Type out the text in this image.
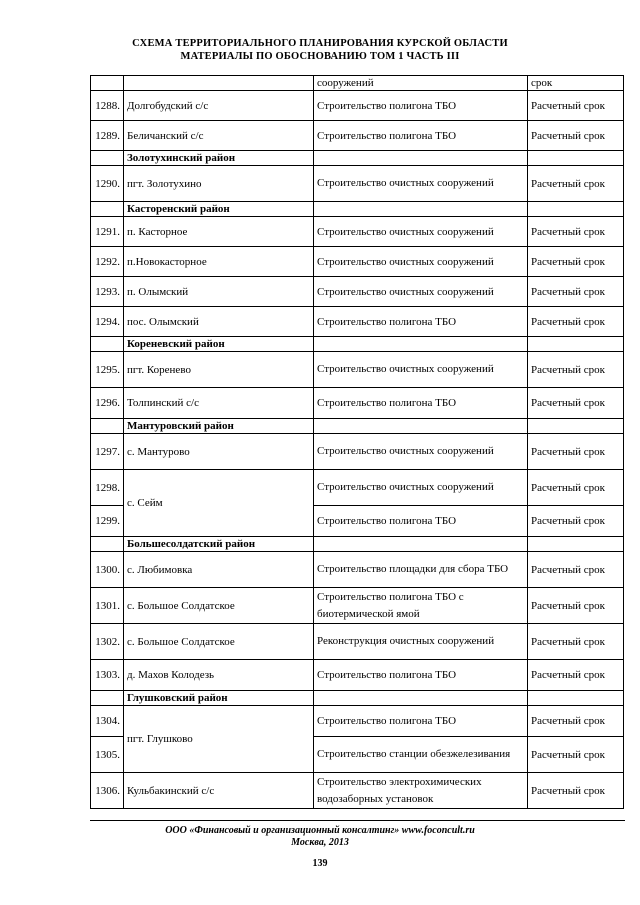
СХЕМА ТЕРРИТОРИАЛЬНОГО ПЛАНИРОВАНИЯ КУРСКОЙ ОБЛАСТИ
МАТЕРИАЛЫ ПО ОБОСНОВАНИЮ ТОМ 1 ЧАСТЬ III
		сооружений	срок
1288.	Долгобудский с/с	Строительство полигона ТБО	Расчетный срок
1289.	Беличанский с/с	Строительство полигона ТБО	Расчетный срок
	Золотухинский район		
1290.	пгт. Золотухино	Строительство очистных сооружений	Расчетный срок
	Касторенский район		
1291.	п. Касторное	Строительство очистных сооружений	Расчетный срок
1292.	п.Новокасторное	Строительство очистных сооружений	Расчетный срок
1293.	п. Олымский	Строительство очистных сооружений	Расчетный срок
1294.	пос. Олымский	Строительство полигона ТБО	Расчетный срок
	Кореневский район		
1295.	пгт. Коренево	Строительство очистных сооружений	Расчетный срок
1296.	Толпинский с/с	Строительство полигона ТБО	Расчетный срок
	Мантуровский район		
1297.	с. Мантурово	Строительство очистных сооружений	Расчетный срок
1298.	с. Сейм	Строительство очистных сооружений	Расчетный срок
1299.		Строительство полигона ТБО	Расчетный срок
	Большесолдатский район		
1300.	с. Любимовка	Строительство площадки для сбора ТБО	Расчетный срок
1301.	с. Большое Солдатское	Строительство полигона ТБО с биотермической ямой	Расчетный срок
1302.	с. Большое Солдатское	Реконструкция очистных сооружений	Расчетный срок
1303.	д. Махов Колодезь	Строительство полигона ТБО	Расчетный срок
	Глушковский район		
1304.	пгт. Глушково	Строительство полигона ТБО	Расчетный срок
1305.		Строительство станции обезжелезивания	Расчетный срок
1306.	Кульбакинский с/с	Строительство электрохимических водозаборных установок	Расчетный срок
ООО «Финансовый и организационный консалтинг» www.foconcult.ru
Москва, 2013
139
